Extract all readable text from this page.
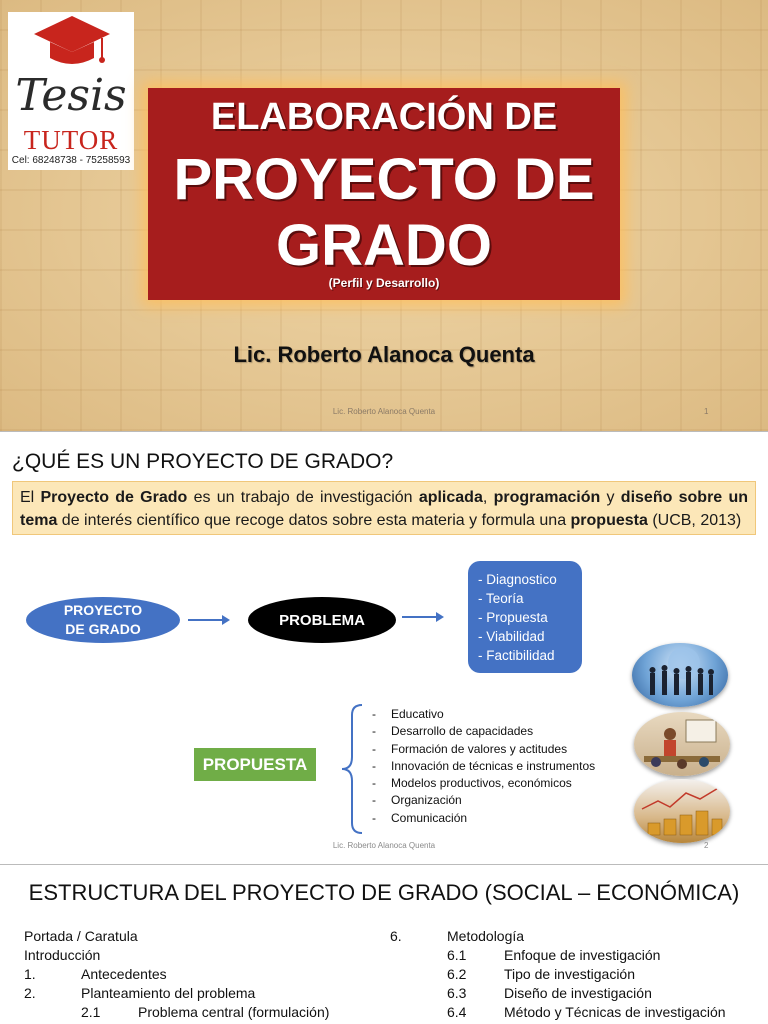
Tesis
TUTOR
Cel: 68248738 - 75258593
ELABORACIÓN DE
PROYECTO DE
GRADO
(Perfil y Desarrollo)
Lic. Roberto Alanoca Quenta
Lic. Roberto Alanoca Quenta	1
¿QUÉ ES UN PROYECTO DE GRADO?
El Proyecto de Grado es un trabajo de investigación aplicada, programación y diseño sobre un tema de interés científico que recoge datos sobre esta materia y formula una propuesta (UCB, 2013)
PROYECTO
DE GRADO
PROBLEMA
- Diagnostico
- Teoría
- Propuesta
- Viabilidad
- Factibilidad
PROPUESTA
- Educativo
- Desarrollo de capacidades
- Formación de valores y actitudes
- Innovación de técnicas e instrumentos
- Modelos productivos, económicos
- Organización
- Comunicación
Lic. Roberto Alanoca Quenta	2
ESTRUCTURA DEL PROYECTO DE GRADO (SOCIAL – ECONÓMICA)
Portada / Caratula
Introducción
1.	Antecedentes
2.	Planteamiento del problema
2.1	Problema central (formulación)
6.	Metodología
6.1	Enfoque de investigación
6.2	Tipo de investigación
6.3	Diseño de investigación
6.4	Método y Técnicas de investigación
